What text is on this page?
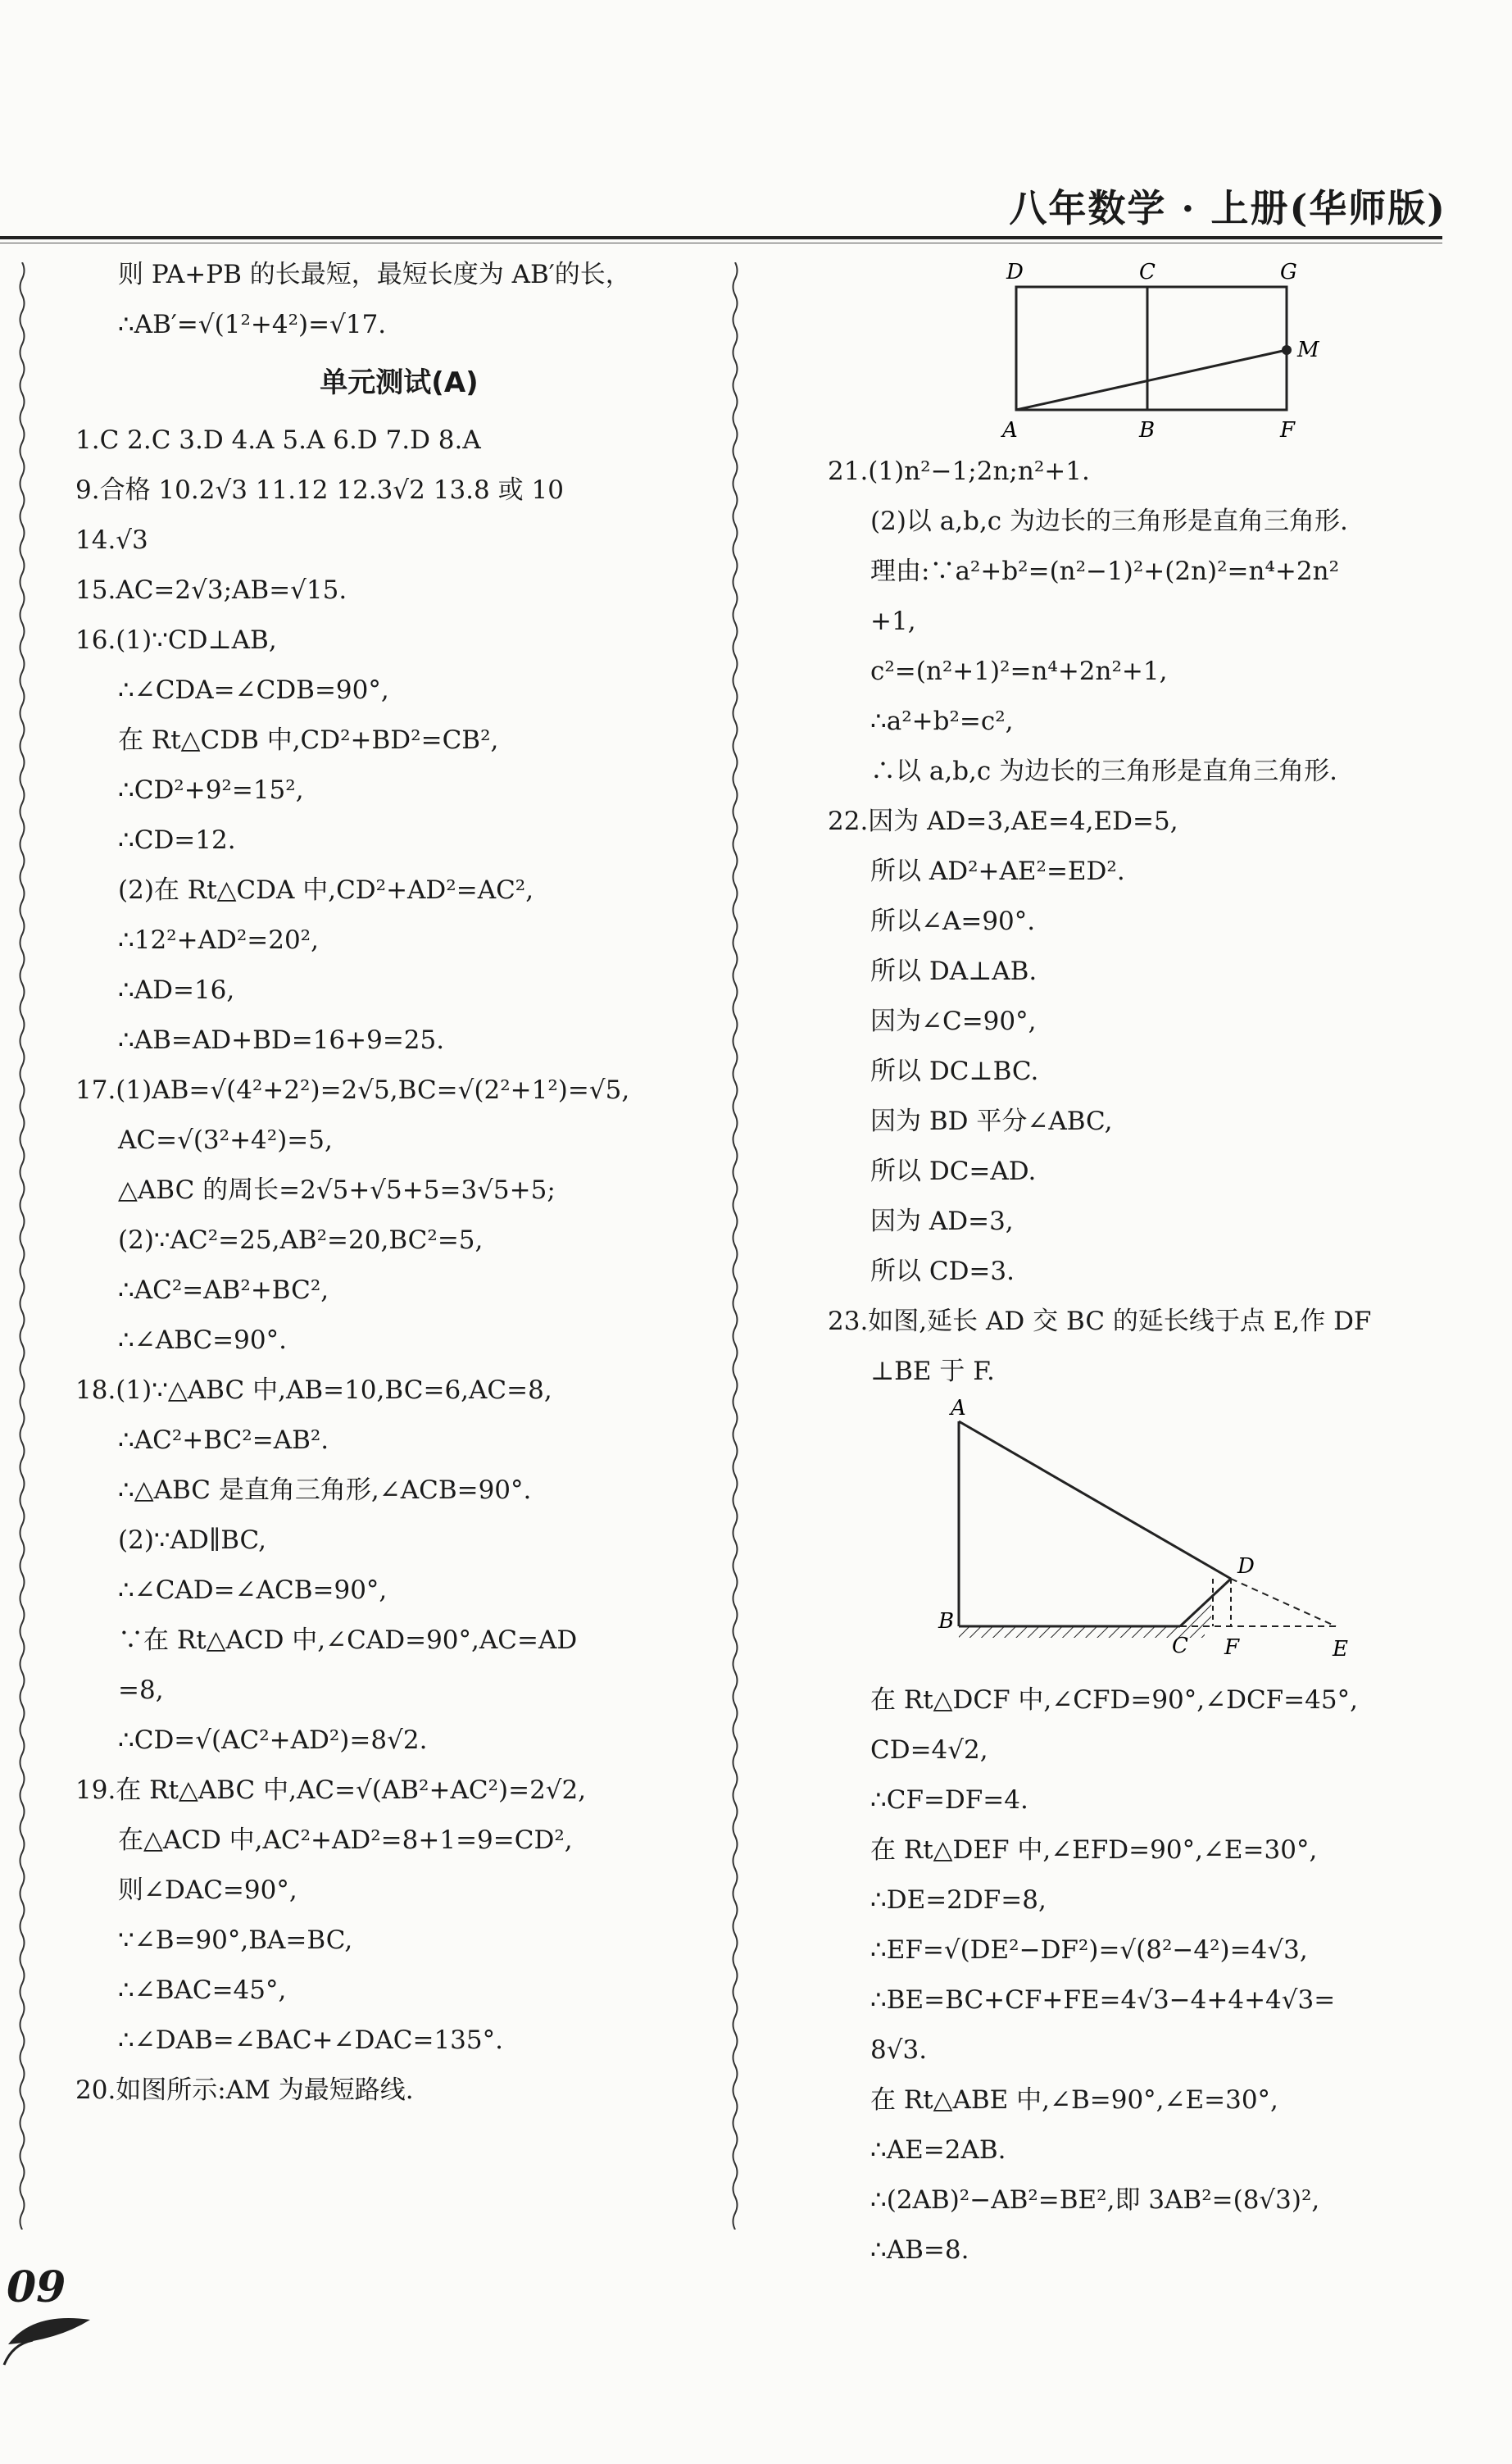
八年数学 · 上册(华师版)
则 PA+PB 的长最短，最短长度为 AB′的长，
∴AB′=√(1²+4²)=√17.
单元测试(A)
1.C 2.C 3.D 4.A 5.A 6.D 7.D 8.A
9.合格 10.2√3 11.12 12.3√2 13.8 或 10
14.√3
15.AC=2√3;AB=√15.
16.(1)∵CD⊥AB,
∴∠CDA=∠CDB=90°,
在 Rt△CDB 中,CD²+BD²=CB²,
∴CD²+9²=15²,
∴CD=12.
(2)在 Rt△CDA 中,CD²+AD²=AC²,
∴12²+AD²=20²,
∴AD=16,
∴AB=AD+BD=16+9=25.
17.(1)AB=√(4²+2²)=2√5,BC=√(2²+1²)=√5,
AC=√(3²+4²)=5,
△ABC 的周长=2√5+√5+5=3√5+5;
(2)∵AC²=25,AB²=20,BC²=5,
∴AC²=AB²+BC²,
∴∠ABC=90°.
18.(1)∵△ABC 中,AB=10,BC=6,AC=8,
∴AC²+BC²=AB².
∴△ABC 是直角三角形,∠ACB=90°.
(2)∵AD∥BC,
∴∠CAD=∠ACB=90°,
∵在 Rt△ACD 中,∠CAD=90°,AC=AD
=8,
∴CD=√(AC²+AD²)=8√2.
19.在 Rt△ABC 中,AC=√(AB²+AC²)=2√2,
在△ACD 中,AC²+AD²=8+1=9=CD²,
则∠DAC=90°,
∵∠B=90°,BA=BC,
∴∠BAC=45°,
∴∠DAB=∠BAC+∠DAC=135°.
20.如图所示:AM 为最短路线.
D	C	G
M
A	B	F
21.(1)n²−1;2n;n²+1.
(2)以 a,b,c 为边长的三角形是直角三角形.
理由:∵a²+b²=(n²−1)²+(2n)²=n⁴+2n²
+1,
c²=(n²+1)²=n⁴+2n²+1,
∴a²+b²=c²,
∴以 a,b,c 为边长的三角形是直角三角形.
22.因为 AD=3,AE=4,ED=5,
所以 AD²+AE²=ED².
所以∠A=90°.
所以 DA⊥AB.
因为∠C=90°,
所以 DC⊥BC.
因为 BD 平分∠ABC,
所以 DC=AD.
因为 AD=3,
所以 CD=3.
23.如图,延长 AD 交 BC 的延长线于点 E,作 DF
⊥BE 于 F.
A
D
B
C F	E
在 Rt△DCF 中,∠CFD=90°,∠DCF=45°,
CD=4√2,
∴CF=DF=4.
在 Rt△DEF 中,∠EFD=90°,∠E=30°,
∴DE=2DF=8,
∴EF=√(DE²−DF²)=√(8²−4²)=4√3,
∴BE=BC+CF+FE=4√3−4+4+4√3=
8√3.
在 Rt△ABE 中,∠B=90°,∠E=30°,
∴AE=2AB.
∴(2AB)²−AB²=BE²,即 3AB²=(8√3)²,
∴AB=8.
09
